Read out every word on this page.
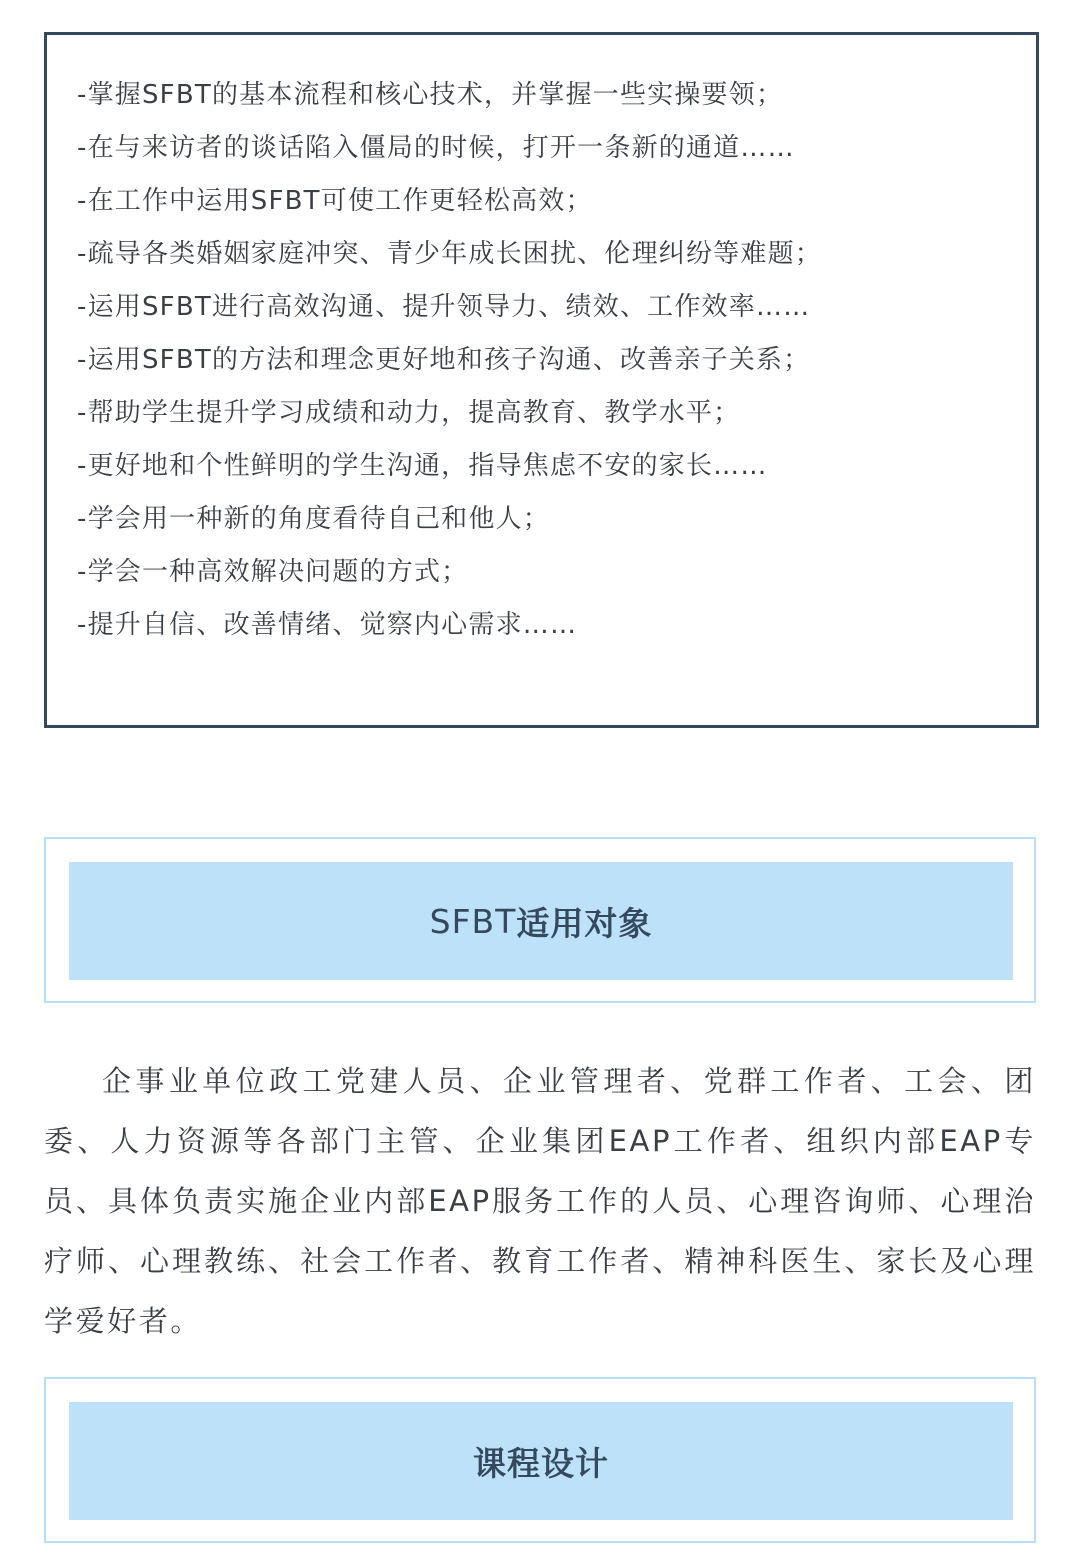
-掌握SFBT的基本流程和核心技术，并掌握一些实操要领；
-在与来访者的谈话陷入僵局的时候，打开一条新的通道……
-在工作中运用SFBT可使工作更轻松高效；
-疏导各类婚姻家庭冲突、青少年成长困扰、伦理纠纷等难题；
-运用SFBT进行高效沟通、提升领导力、绩效、工作效率……
-运用SFBT的方法和理念更好地和孩子沟通、改善亲子关系；
-帮助学生提升学习成绩和动力，提高教育、教学水平；
-更好地和个性鲜明的学生沟通，指导焦虑不安的家长……
-学会用一种新的角度看待自己和他人；
-学会一种高效解决问题的方式；
-提升自信、改善情绪、觉察内心需求……
SFBT 适用对象

企事业单位政工党建人员、企业管理者、党群工作者、工会、团委、人力资源等各部门主管、企业集团EAP工作者、组织内部EAP专员、具体负责实施企业内部EAP服务工作的人员、心理咨询师、心理治疗师、心理教练、社会工作者、教育工作者、精神科医生、家长及心理学爱好者。

课程设计
